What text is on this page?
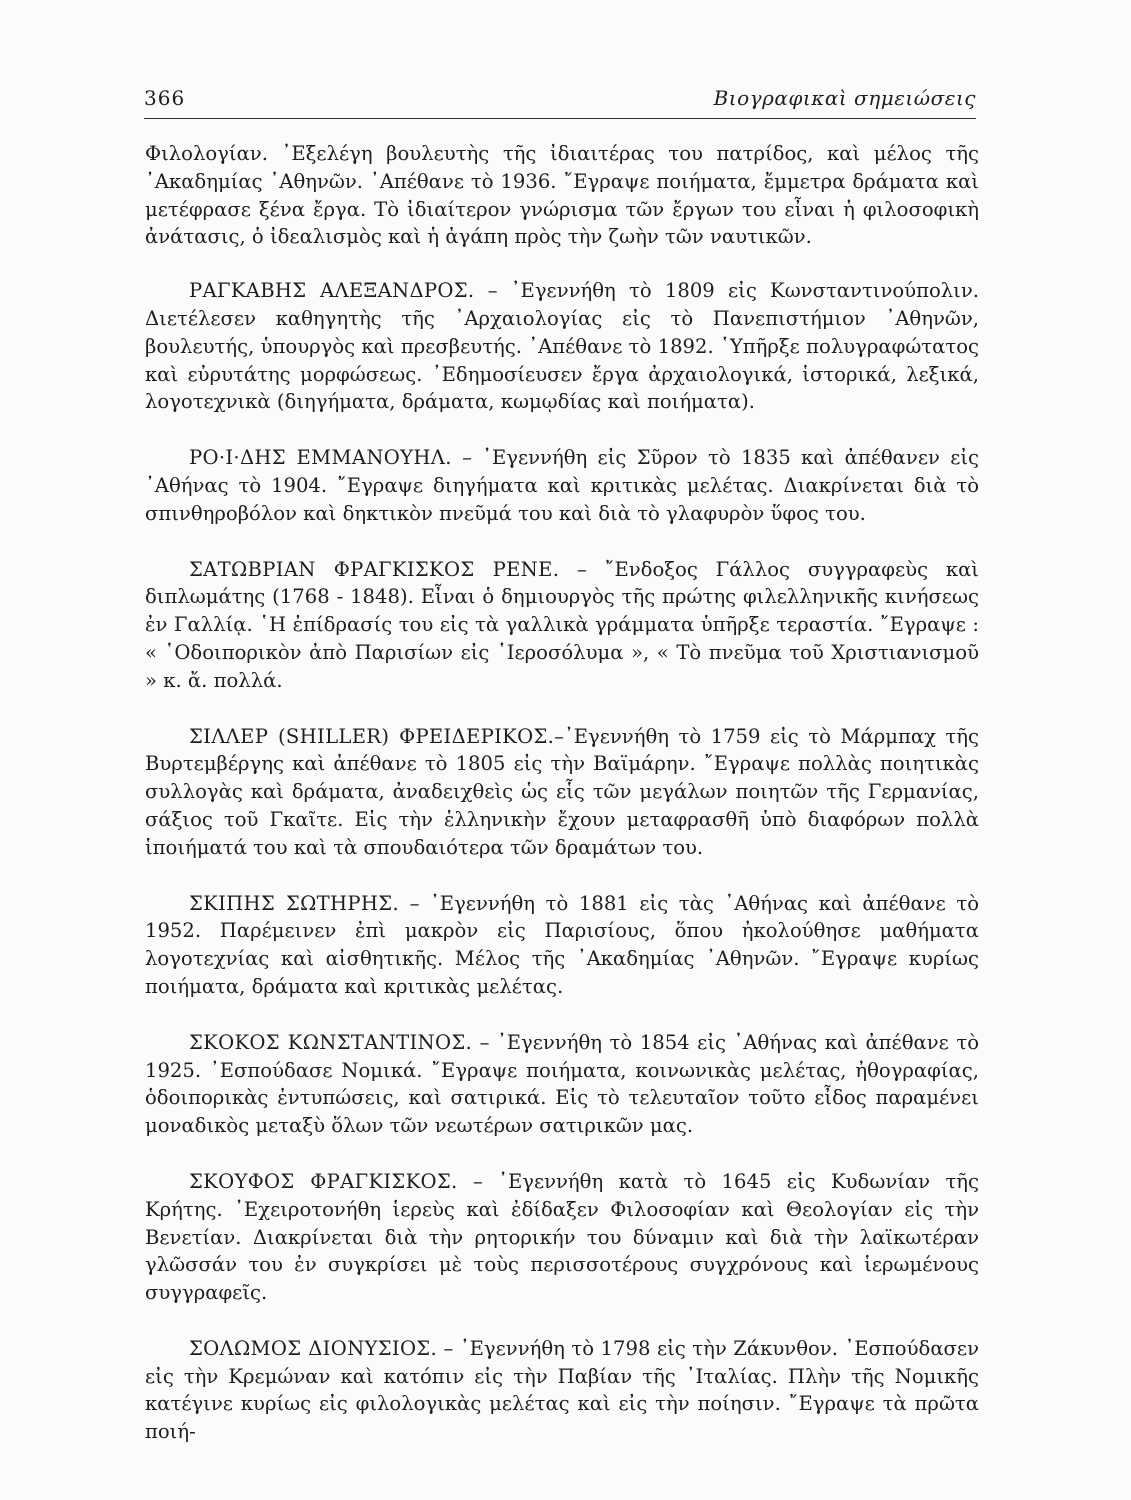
366	Βιογραφικαὶ σημειώσεις

Φιλολογίαν. ᾽Εξελέγη βουλευτὴς τῆς ἰδιαιτέρας του πατρίδος, καὶ μέλος τῆς ᾽Ακαδημίας ᾽Αθηνῶν. ᾽Απέθανε τὸ 1936. ῎Εγραψε ποιήματα, ἔμμετρα δράματα καὶ μετέφρασε ξένα ἔργα. Τὸ ἰδιαίτερον γνώρισμα τῶν ἔργων του εἶναι ἡ φιλοσοφικὴ ἀνάτασις, ὁ ἰδεαλισμὸς καὶ ἡ ἀγάπη πρὸς τὴν ζωὴν τῶν ναυτικῶν.

ΡΑΓΚΑΒΗΣ ΑΛΕΞΑΝΔΡΟΣ. – ᾽Εγεννήθη τὸ 1809 εἰς Κωνσταντινούπολιν. Διετέλεσεν καθηγητὴς τῆς ᾽Αρχαιολογίας εἰς τὸ Πανεπιστήμιον ᾽Αθηνῶν, βουλευτής, ὑπουργὸς καὶ πρεσβευτής. ᾽Απέθανε τὸ 1892. ῾Υπῆρξε πολυγραφώτατος καὶ εὐρυτάτης μορφώσεως. ᾽Εδημοσίευσεν ἔργα ἀρχαιολογικά, ἱστορικά, λεξικά, λογοτεχνικὰ (διηγήματα, δράματα, κωμῳδίας καὶ ποιήματα).

ΡΟ·Ι·ΔΗΣ ΕΜΜΑΝΟΥΗΛ. – ᾽Εγεννήθη εἰς Σῦρον τὸ 1835 καὶ ἀπέθανεν εἰς ᾽Αθήνας τὸ 1904. ῎Εγραψε διηγήματα καὶ κριτικὰς μελέτας. Διακρίνεται διὰ τὸ σπινθηροβόλον καὶ δηκτικὸν πνεῦμά του καὶ διὰ τὸ γλαφυρὸν ὕφος του.

ΣΑΤΩΒΡΙΑΝ ΦΡΑΓΚΙΣΚΟΣ ΡΕΝΕ. – ῎Ενδοξος Γάλλος συγγραφεὺς καὶ διπλωμάτης (1768 - 1848). Εἶναι ὁ δημιουργὸς τῆς πρώτης φιλελληνικῆς κινήσεως ἐν Γαλλίᾳ. ῾Η ἐπίδρασίς του εἰς τὰ γαλλικὰ γράμματα ὑπῆρξε τεραστία. ῎Εγραψε : « ῾Οδοιπορικὸν ἀπὸ Παρισίων εἰς ῾Ιεροσόλυμα », « Τὸ πνεῦμα τοῦ Χριστιανισμοῦ » κ. ἄ. πολλά.

ΣΙΛΛΕΡ (SHILLER) ΦΡΕΙΔΕΡΙΚΟΣ.–᾽Εγεννήθη τὸ 1759 εἰς τὸ Μάρμπαχ τῆς Βυρτεμβέργης καὶ ἀπέθανε τὸ 1805 εἰς τὴν Βαϊμάρην. ῎Εγραψε πολλὰς ποιητικὰς συλλογὰς καὶ δράματα, ἀναδειχθεὶς ὡς εἷς τῶν μεγάλων ποιητῶν τῆς Γερμανίας, σάξιος τοῦ Γκαῖτε. Εἰς τὴν ἑλληνικὴν ἔχουν μεταφρασθῆ ὑπὸ διαφόρων πολλὰ ἱποιήματά του καὶ τὰ σπουδαιότερα τῶν δραμάτων του.

ΣΚΙΠΗΣ ΣΩΤΗΡΗΣ. – ᾽Εγεννήθη τὸ 1881 εἰς τὰς ᾽Αθήνας καὶ ἀπέθανε τὸ 1952. Παρέμεινεν ἐπὶ μακρὸν εἰς Παρισίους, ὅπου ἠκολούθησε μαθήματα λογοτεχνίας καὶ αἰσθητικῆς. Μέλος τῆς ᾽Ακαδημίας ᾽Αθηνῶν. ῎Εγραψε κυρίως ποιήματα, δράματα καὶ κριτικὰς μελέτας.

ΣΚΟΚΟΣ ΚΩΝΣΤΑΝΤΙΝΟΣ. – ᾽Εγεννήθη τὸ 1854 εἰς ᾽Αθήνας καὶ ἀπέθανε τὸ 1925. ᾽Εσπούδασε Νομικά. ῎Εγραψε ποιήματα, κοινωνικὰς μελέτας, ἠθογραφίας, ὁδοιπορικὰς ἐντυπώσεις, καὶ σατιρικά. Εἰς τὸ τελευταῖον τοῦτο εἶδος παραμένει μοναδικὸς μεταξὺ ὅλων τῶν νεωτέρων σατιρικῶν μας.

ΣΚΟΥΦΟΣ ΦΡΑΓΚΙΣΚΟΣ. – ᾽Εγεννήθη κατὰ τὸ 1645 εἰς Κυδωνίαν τῆς Κρήτης. ᾽Εχειροτονήθη ἱερεὺς καὶ ἐδίδαξεν Φιλοσοφίαν καὶ Θεολογίαν εἰς τὴν Βενετίαν. Διακρίνεται διὰ τὴν ρητορικήν του δύναμιν καὶ διὰ τὴν λαϊκωτέραν γλῶσσάν του ἐν συγκρίσει μὲ τοὺς περισσοτέρους συγχρόνους καὶ ἱερωμένους συγγραφεῖς.

ΣΟΛΩΜΟΣ ΔΙΟΝΥΣΙΟΣ. – ᾽Εγεννήθη τὸ 1798 εἰς τὴν Ζάκυνθον. ᾽Εσπούδασεν εἰς τὴν Κρεμώναν καὶ κατόπιν εἰς τὴν Παβίαν τῆς ᾽Ιταλίας. Πλὴν τῆς Νομικῆς κατέγινε κυρίως εἰς φιλολογικὰς μελέτας καὶ εἰς τὴν ποίησιν. ῎Εγραψε τὰ πρῶτα ποιή-
